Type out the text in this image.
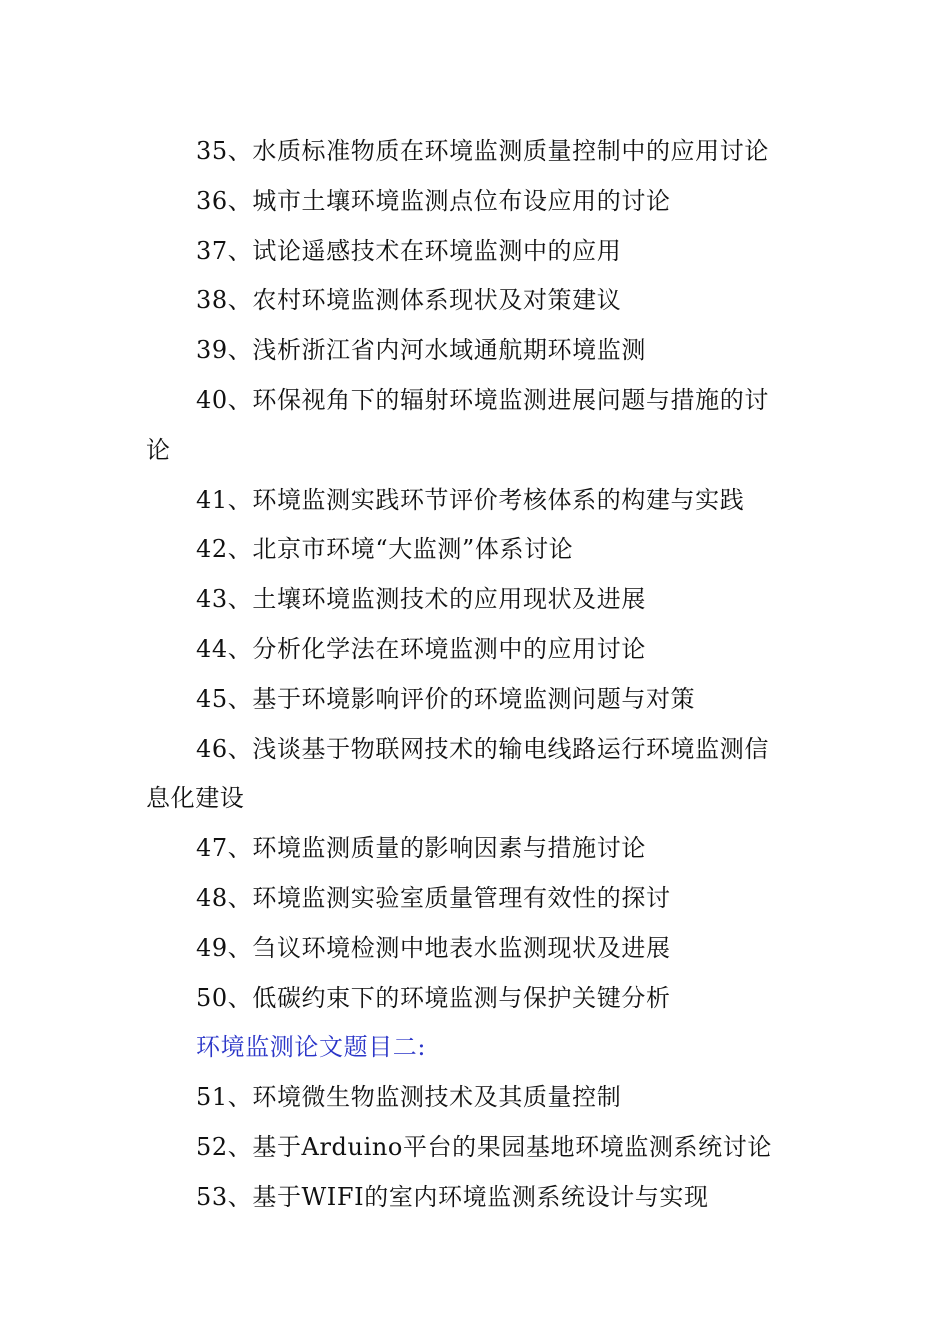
35、水质标准物质在环境监测质量控制中的应用讨论
36、城市土壤环境监测点位布设应用的讨论
37、试论遥感技术在环境监测中的应用
38、农村环境监测体系现状及对策建议
39、浅析浙江省内河水域通航期环境监测
40、环保视角下的辐射环境监测进展问题与措施的讨
论
41、环境监测实践环节评价考核体系的构建与实践
42、北京市环境“大监测”体系讨论
43、土壤环境监测技术的应用现状及进展
44、分析化学法在环境监测中的应用讨论
45、基于环境影响评价的环境监测问题与对策
46、浅谈基于物联网技术的输电线路运行环境监测信
息化建设
47、环境监测质量的影响因素与措施讨论
48、环境监测实验室质量管理有效性的探讨
49、刍议环境检测中地表水监测现状及进展
50、低碳约束下的环境监测与保护关键分析
环境监测论文题目二:
51、环境微生物监测技术及其质量控制
52、基于Arduino平台的果园基地环境监测系统讨论
53、基于WIFI的室内环境监测系统设计与实现
